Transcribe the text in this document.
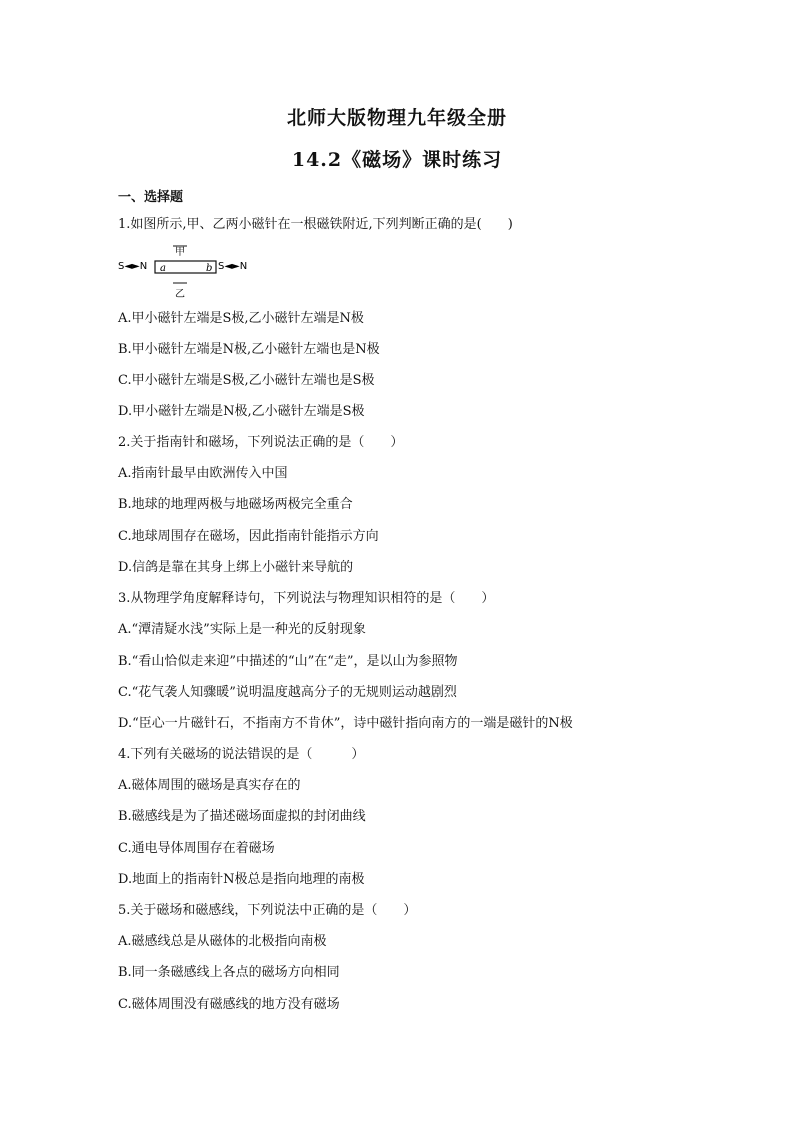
北师大版物理九年级全册
14.2《磁场》课时练习
一、选择题
1.如图所示,甲、乙两小磁针在一根磁铁附近,下列判断正确的是(　　)
甲
S◄►N a	b S◄►N
乙
A.甲小磁针左端是S极,乙小磁针左端是N极
B.甲小磁针左端是N极,乙小磁针左端也是N极
C.甲小磁针左端是S极,乙小磁针左端也是S极
D.甲小磁针左端是N极,乙小磁针左端是S极
2.关于指南针和磁场，下列说法正确的是（　　）
A.指南针最早由欧洲传入中国
B.地球的地理两极与地磁场两极完全重合
C.地球周围存在磁场，因此指南针能指示方向
D.信鸽是靠在其身上绑上小磁针来导航的
3.从物理学角度解释诗句，下列说法与物理知识相符的是（　　）
A.“潭清疑水浅”实际上是一种光的反射现象
B.“看山恰似走来迎”中描述的“山”在“走”，是以山为参照物
C.“花气袭人知骤暖”说明温度越高分子的无规则运动越剧烈
D.“臣心一片磁针石，不指南方不肯休”，诗中磁针指向南方的一端是磁针的N极
4.下列有关磁场的说法错误的是（　　　）
A.磁体周围的磁场是真实存在的
B.磁感线是为了描述磁场面虚拟的封闭曲线
C.通电导体周围存在着磁场
D.地面上的指南针N极总是指向地理的南极
5.关于磁场和磁感线，下列说法中正确的是（　　）
A.磁感线总是从磁体的北极指向南极
B.同一条磁感线上各点的磁场方向相同
C.磁体周围没有磁感线的地方没有磁场
